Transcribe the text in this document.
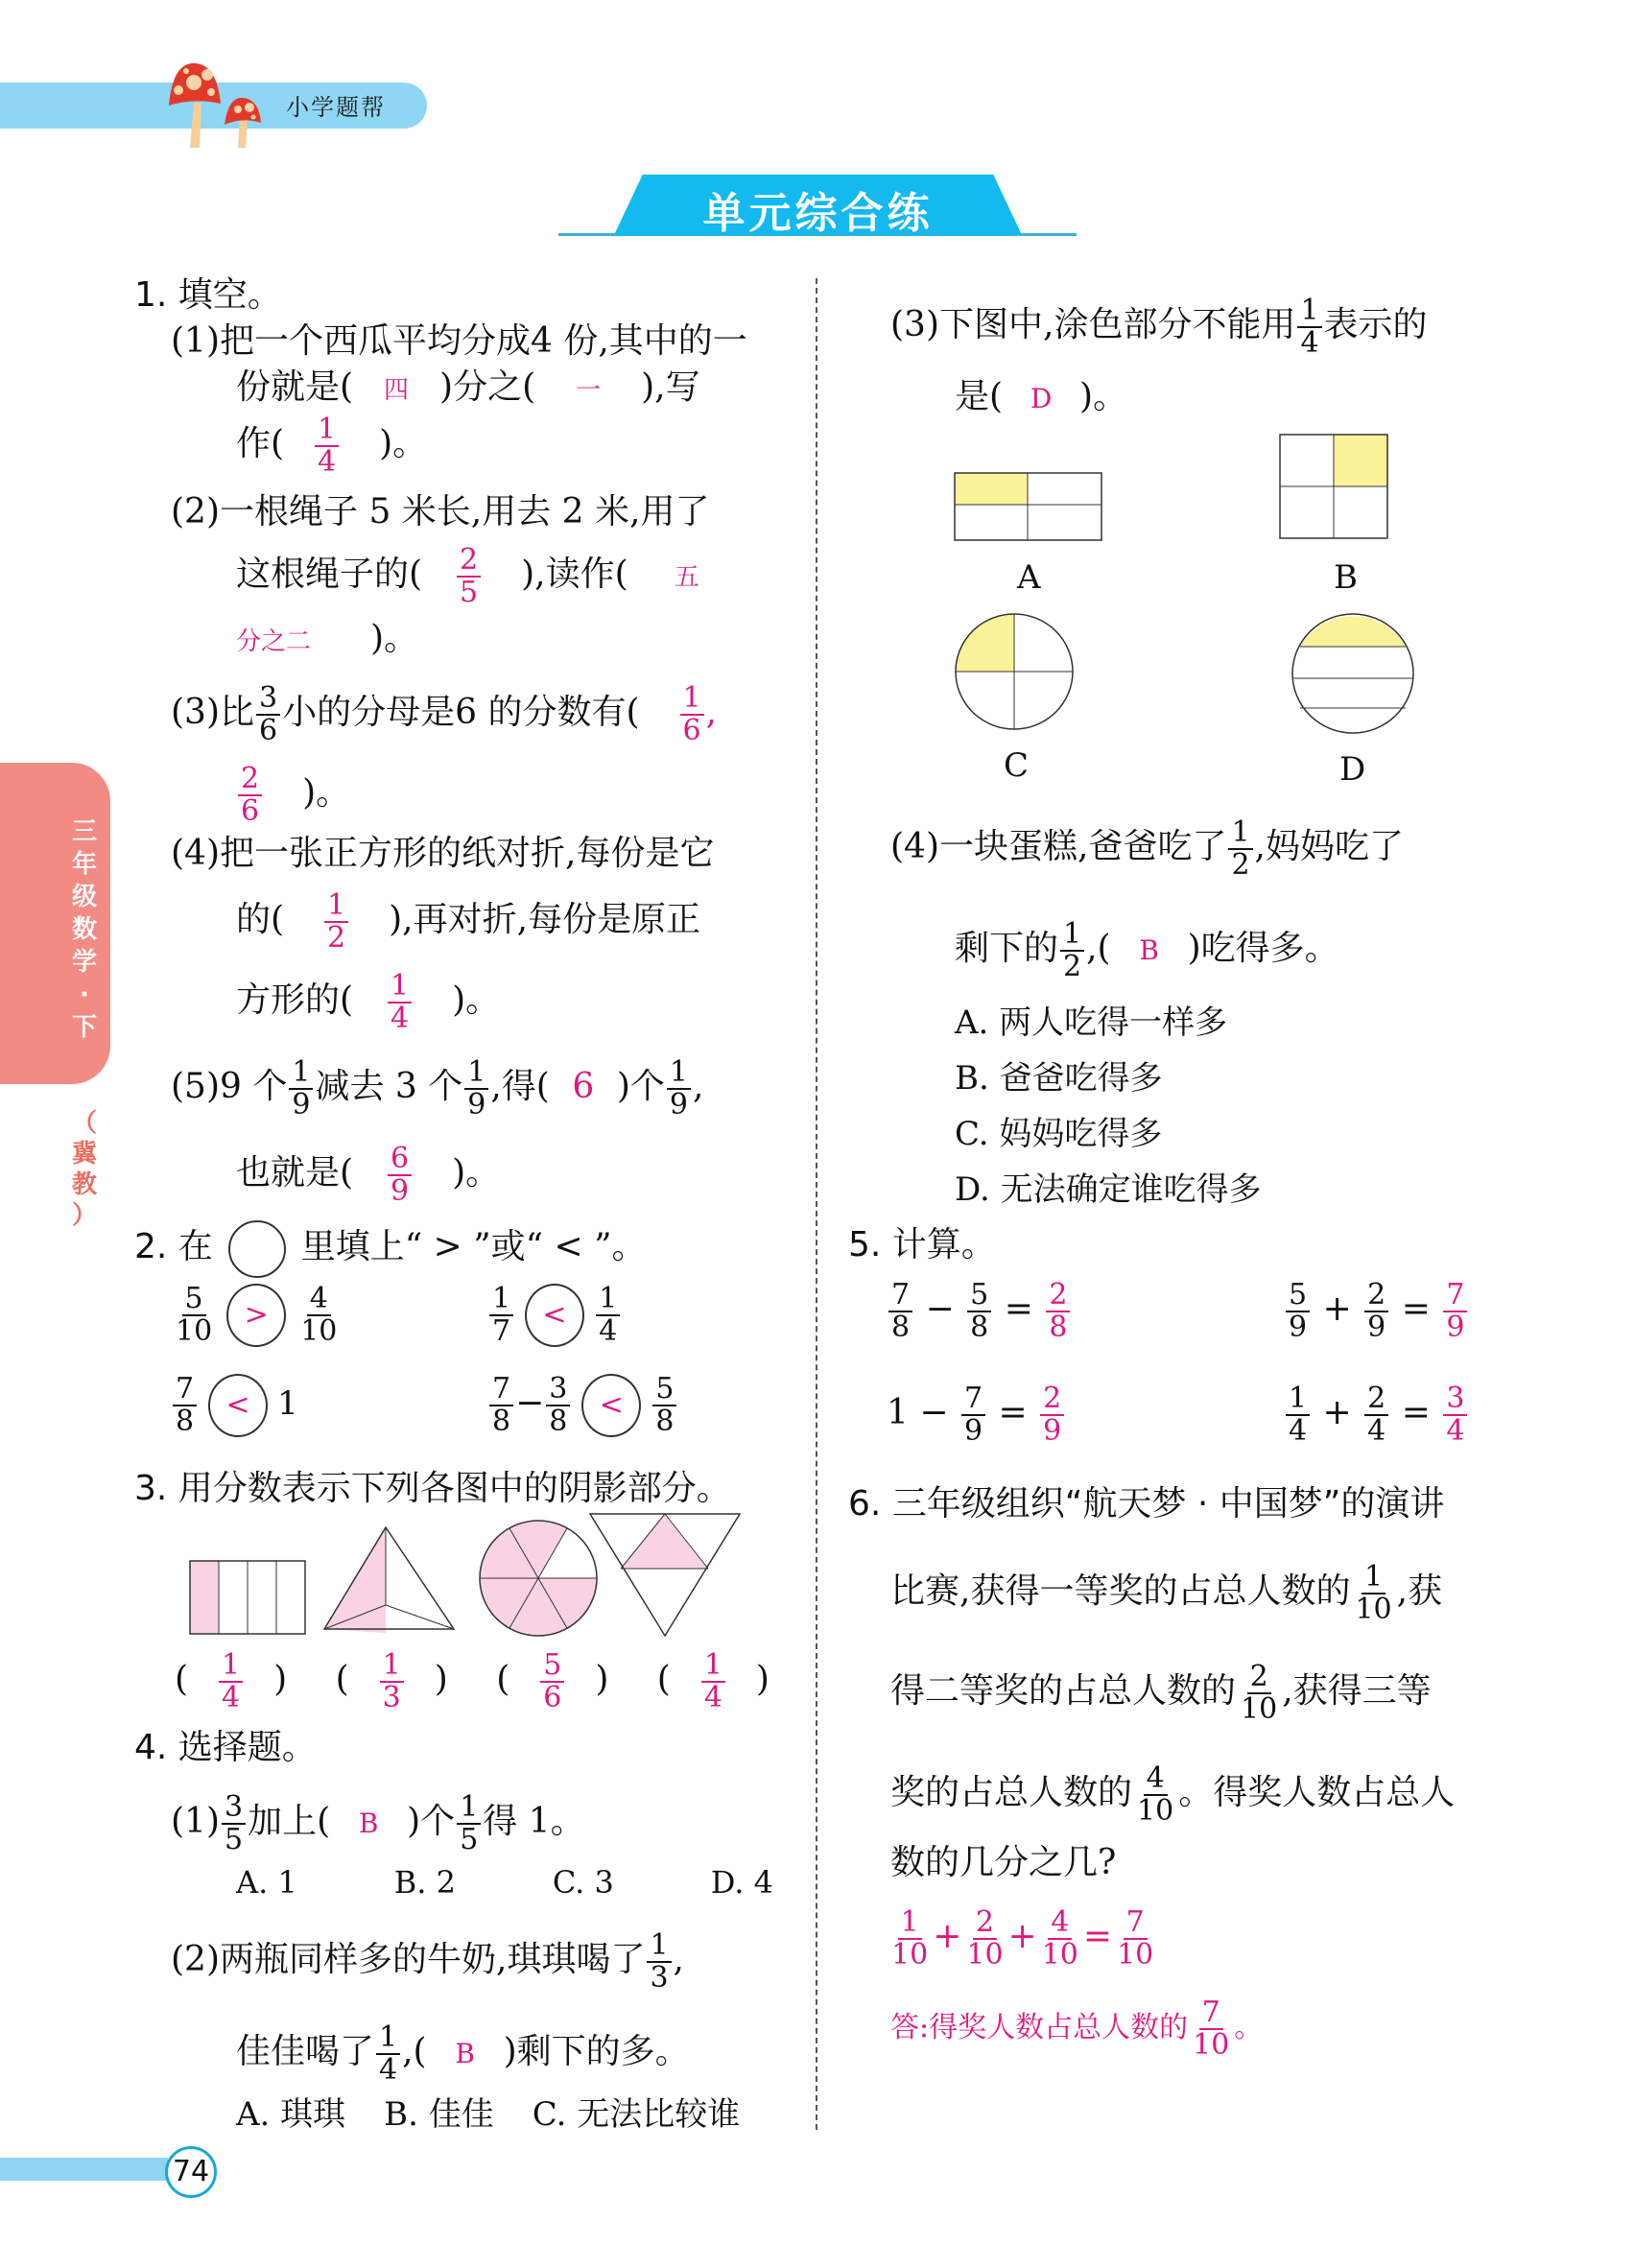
小学题帮
单元综合练
三
年
级
数
学
·
下
（
冀
教
）
1. 填空。
(1)把一个西瓜平均分成4 份,其中的一
份就是( 四 )分之( 一 ),写
作( $\frac{1}{4}$ )。
(2)一根绳子 5 米长,用去 2 米,用了
这根绳子的( $\frac{2}{5}$ ),读作( 五
分之二 )。
(3)比 $\frac{3}{6}$ 小的分母是6 的分数有( $\frac{1}{6}$ ,
$\frac{2}{6}$ )。
(4)把一张正方形的纸对折,每份是它
的( $\frac{1}{2}$ ),再对折,每份是原正
方形的( $\frac{1}{4}$ )。
(5)9 个 $\frac{1}{9}$ 减去 3 个 $\frac{1}{9}$ ,得( 6 )个 $\frac{1}{9}$ ,
也就是( $\frac{6}{9}$ )。
2. 在	里填上“ > ”或“ < ”。
$\frac{5}{10} > \frac{4}{10}$	$\frac{1}{7} < \frac{1}{4}$
$\frac{7}{8} < 1$	$\frac{7}{8} - \frac{3}{8} < \frac{5}{8}$
3. 用分数表示下列各图中的阴影部分。
( $\frac{1}{4}$ ) ( $\frac{1}{3}$ ) ( $\frac{5}{6}$ ) ( $\frac{1}{4}$ )
4. 选择题。
$(1) \frac{3}{5}$ 加上( B )个 $\frac{1}{5}$ 得 1。
A. 1	B. 2	C. 3	D. 4
(2)两瓶同样多的牛奶,琪琪喝了 $\frac{1}{3}$ ,
佳佳喝了 $\frac{1}{4}$ ,( B )剩下的多。
A. 琪琪 B. 佳佳 C. 无法比较谁
(3)下图中,涂色部分不能用 $\frac{1}{4}$ 表示的
是( D )。
A	B
C	D
(4)一块蛋糕,爸爸吃了 $\frac{1}{2}$ ,妈妈吃了
剩下的 $\frac{1}{2}$ ,( B )吃得多。
A. 两人吃得一样多
B. 爸爸吃得多
C. 妈妈吃得多
D. 无法确定谁吃得多
5. 计算。
$\frac{7}{8} - \frac{5}{8} = \frac{2}{8}$	$\frac{5}{9} + \frac{2}{9} = \frac{7}{9}$
$1 - \frac{7}{9} = \frac{2}{9}$	$\frac{1}{4} + \frac{2}{4} = \frac{3}{4}$
6. 三年级组织“航天梦 · 中国梦”的演讲
比赛,获得一等奖的占总人数的 $\frac{1}{10}$ ,获
得二等奖的占总人数的 $\frac{2}{10}$ ,获得三等
奖的占总人数的 $\frac{4}{10}$ 。得奖人数占总人
数的几分之几?
$\frac{1}{10} + \frac{2}{10} + \frac{4}{10} = \frac{7}{10}$
答:得奖人数占总人数的 $\frac{7}{10}$ 。
74
